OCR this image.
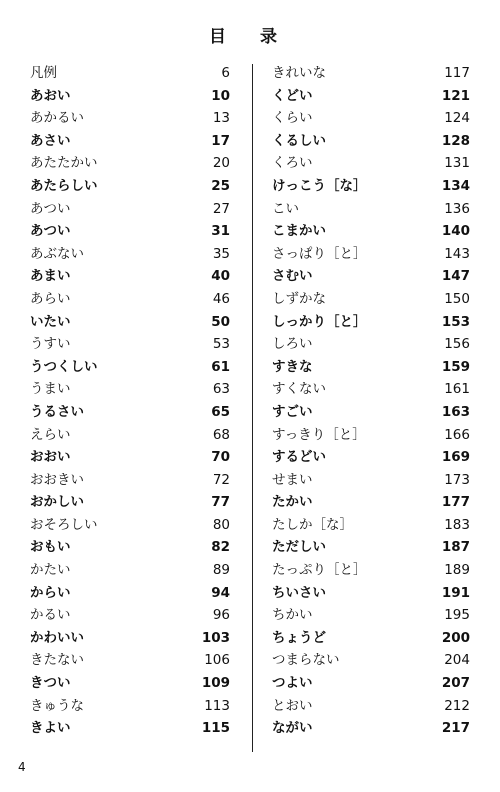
目 录
凡例	6
あおい	10
あかるい	13
あさい	17
あたたかい	20
あたらしい	25
あつい	27
あつい	31
あぶない	35
あまい	40
あらい	46
いたい	50
うすい	53
うつくしい	61
うまい	63
うるさい	65
えらい	68
おおい	70
おおきい	72
おかしい	77
おそろしい	80
おもい	82
かたい	89
からい	94
かるい	96
かわいい	103
きたない	106
きつい	109
きゅうな	113
きよい	115
きれいな	117
くどい	121
くらい	124
くるしい	128
くろい	131
けっこう［な］	134
こい	136
こまかい	140
さっぱり［と］	143
さむい	147
しずかな	150
しっかり［と］	153
しろい	156
すきな	159
すくない	161
すごい	163
すっきり［と］	166
するどい	169
せまい	173
たかい	177
たしか［な］	183
ただしい	187
たっぷり［と］	189
ちいさい	191
ちかい	195
ちょうど	200
つまらない	204
つよい	207
とおい	212
ながい	217
4
